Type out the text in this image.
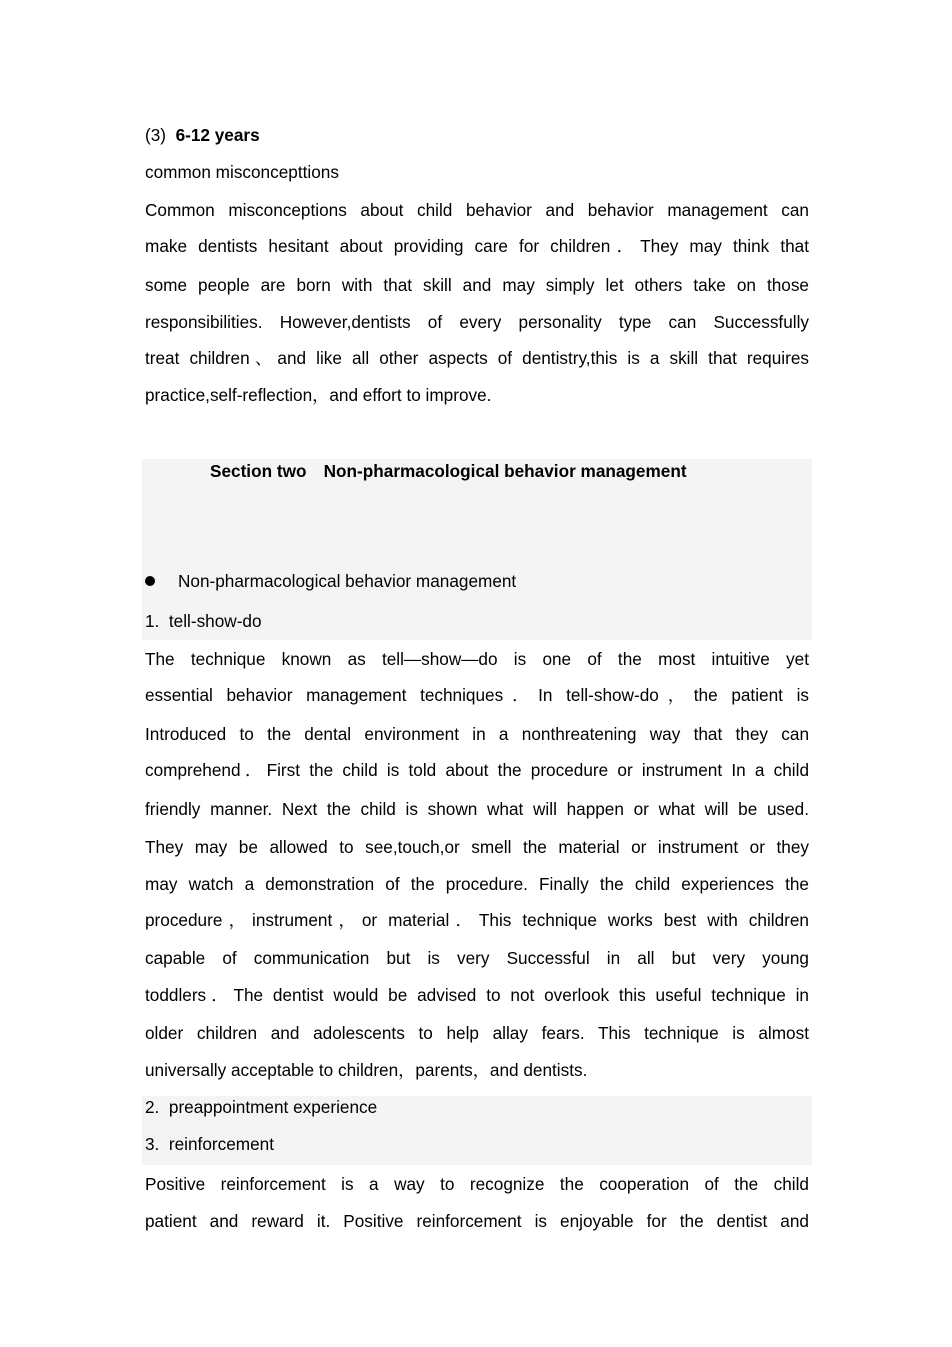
(3) 6-12 years
common misconcepttions
Common misconceptions about child behavior and behavior management can
make dentists hesitant about providing care for children．They may think that
some people are born with that skill and may simply let others take on those
responsibilities. However,dentists of every personality type can Successfully
treat children、and like all other aspects of dentistry,this is a skill that requires
practice,self-reflection，and effort to improve.
Section two　Non-pharmacological behavior management
Non-pharmacological behavior management
1.  tell-show-do
The technique known as tell—show—do is one of the most intuitive yet
essential behavior management techniques．In tell-show-do，the patient is
Introduced to the dental environment in a nonthreatening way that they can
comprehend．First the child is told about the procedure or instrument In a child
friendly manner. Next the child is shown what will happen or what will be used.
They may be allowed to see,touch,or smell the material or instrument or they
may watch a demonstration of the procedure. Finally the child experiences the
procedure，instrument，or material．This technique works best with children
capable of communication but is very Successful in all but very young
toddlers．The dentist would be advised to not overlook this useful technique in
older children and adolescents to help allay fears. This technique is almost
universally acceptable to children，parents，and dentists.
2.  preappointment experience
3.  reinforcement
Positive reinforcement is a way to recognize the cooperation of the child
patient and reward it. Positive reinforcement is enjoyable for the dentist and
